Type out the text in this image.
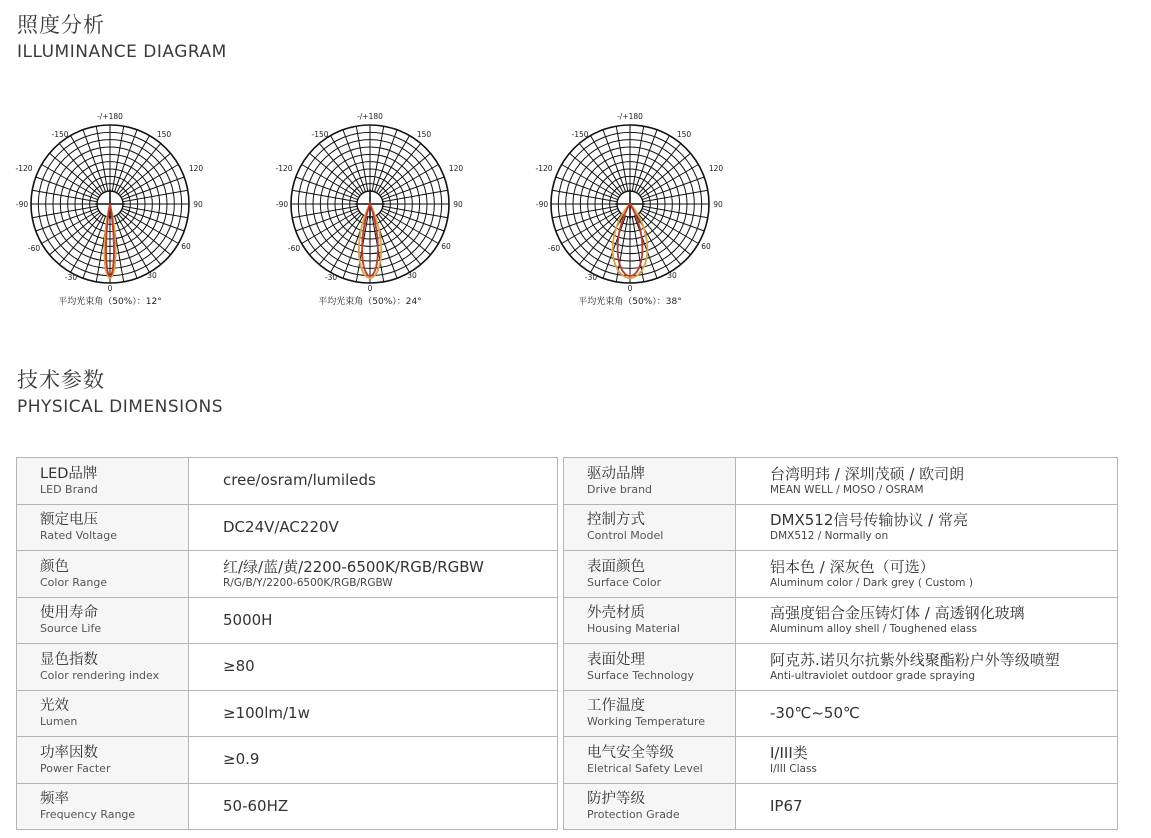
照度分析
ILLUMINANCE DIAGRAM
-/+180
0
-150	150
-120	120
-90	90
-60	60
-30	30
平均光束角（50%）：12°
-/+180
0
-150	150
-120	120
-90	90
-60	60
-30	30
平均光束角（50%）：24°
-/+180
0
-150	150
-120	120
-90	90
-60	60
-30	30
平均光束角（50%）：38°
技术参数
PHYSICAL DIMENSIONS
LED品牌
LED Brand	cree/osram/lumileds

额定电压
Rated Voltage	DC24V/AC220V

颜色
Color Range	红/绿/蓝/黄/2200-6500K/RGB/RGBW
R/G/B/Y/2200-6500K/RGB/RGBW

使用寿命
Source Life	5000H

显色指数
Color rendering index	≥80

光效
Lumen	≥100lm/1w

功率因数
Power Facter	≥0.9

频率
Frequency Range	50-60HZ
驱动品牌
Drive brand	台湾明玮 / 深圳茂硕 / 欧司朗
MEAN WELL / MOSO / OSRAM

控制方式
Control Model	DMX512信号传输协议 / 常亮
DMX512 / Normally on

表面颜色
Surface Color	铝本色 / 深灰色（可选）
Aluminum color / Dark grey ( Custom )

外壳材质
Housing Material	高强度铝合金压铸灯体 / 高透钢化玻璃
Aluminum alloy shell / Toughened elass

表面处理
Surface Technology	阿克苏.诺贝尔抗紫外线聚酯粉户外等级喷塑
Anti-ultraviolet outdoor grade spraying

工作温度
Working Temperature	-30℃~50℃

电气安全等级
Eletrical Safety Level	I/III类
I/III Class

防护等级
Protection Grade	IP67
